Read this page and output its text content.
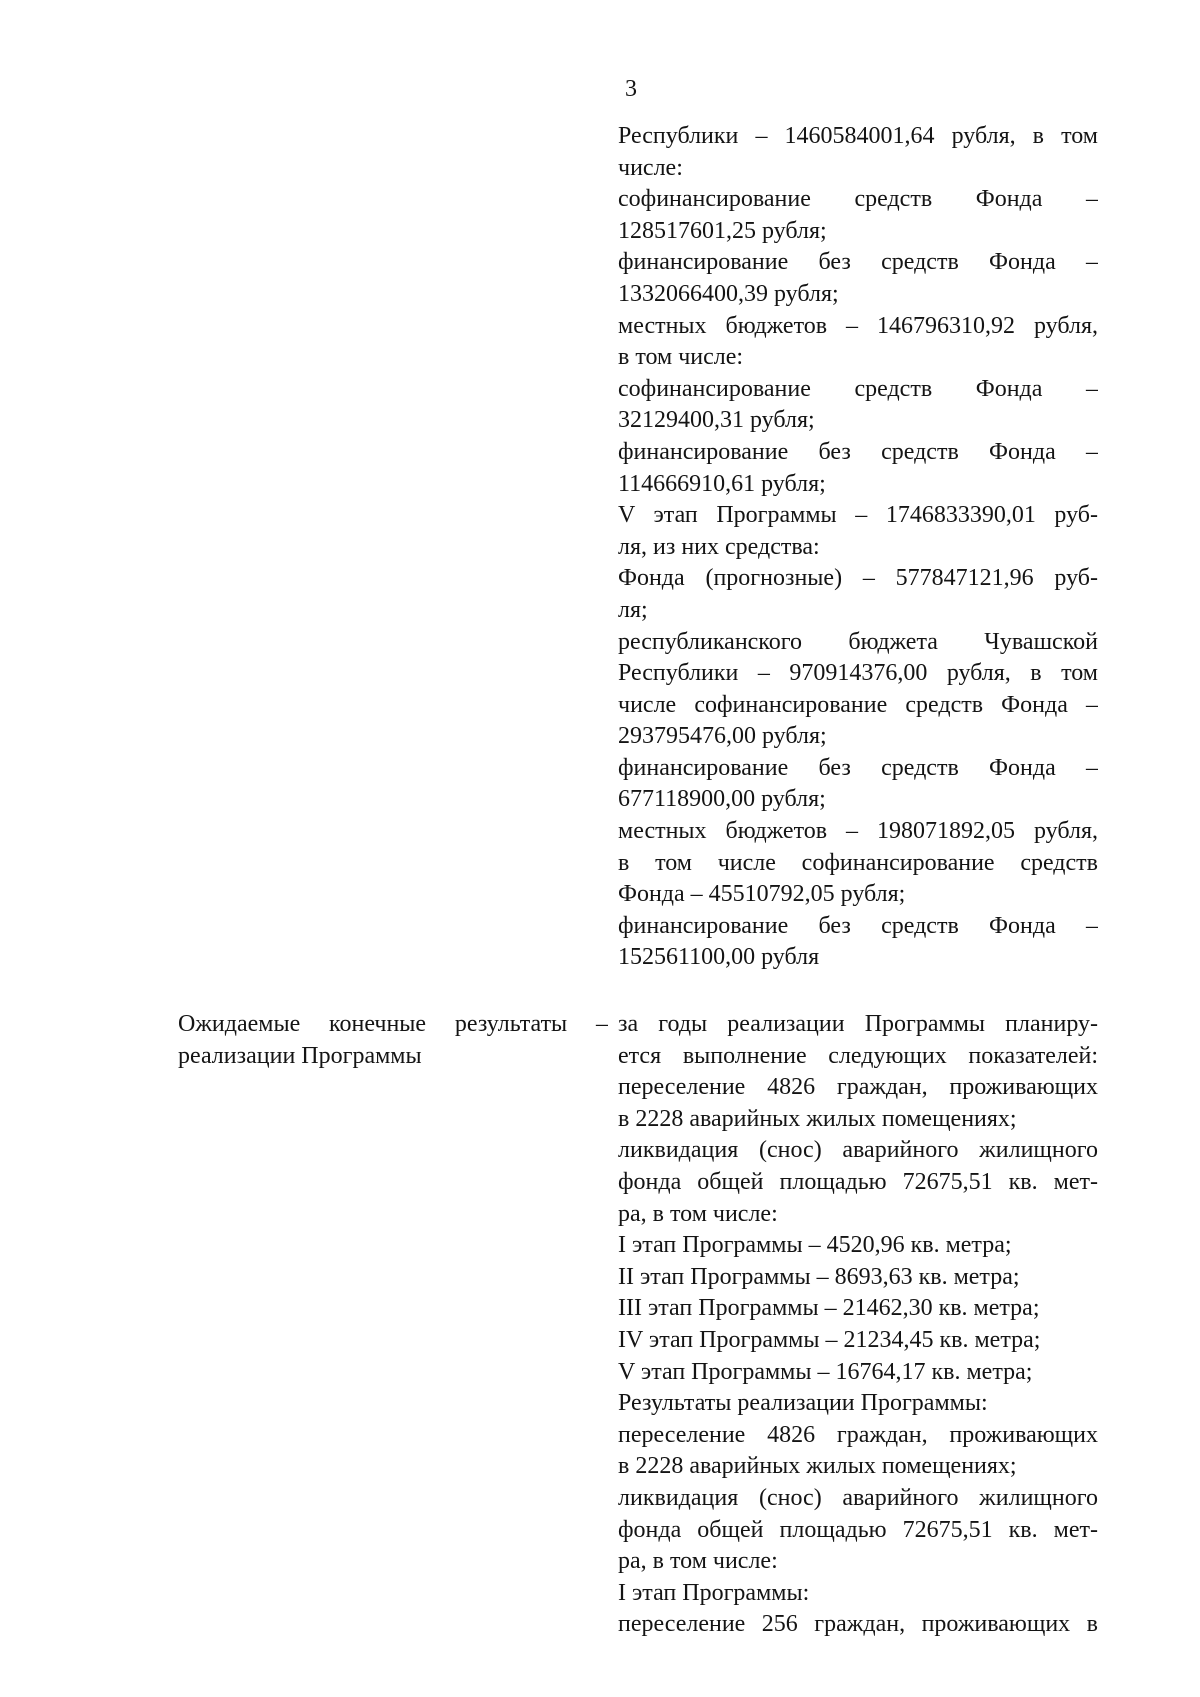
3
Республики – 1460584001,64 рубля, в том
числе:
софинансирование средств Фонда –
128517601,25 рубля;
финансирование без средств Фонда –
1332066400,39 рубля;
местных бюджетов – 146796310,92 рубля,
в том числе:
софинансирование средств Фонда –
32129400,31 рубля;
финансирование без средств Фонда –
114666910,61 рубля;
V этап Программы – 1746833390,01 руб-
ля, из них средства:
Фонда (прогнозные) – 577847121,96 руб-
ля;
республиканского бюджета Чувашской
Республики – 970914376,00 рубля, в том
числе софинансирование средств Фонда –
293795476,00 рубля;
финансирование без средств Фонда –
677118900,00 рубля;
местных бюджетов – 198071892,05 рубля,
в том числе софинансирование средств
Фонда – 45510792,05 рубля;
финансирование без средств Фонда –
152561100,00 рубля
Ожидаемые конечные результаты –
реализации Программы
за годы реализации Программы планиру-
ется выполнение следующих показателей:
переселение 4826 граждан, проживающих
в 2228 аварийных жилых помещениях;
ликвидация (снос) аварийного жилищного
фонда общей площадью 72675,51 кв. мет-
ра, в том числе:
I этап Программы – 4520,96 кв. метра;
II этап Программы – 8693,63 кв. метра;
III этап Программы – 21462,30 кв. метра;
IV этап Программы – 21234,45 кв. метра;
V этап Программы – 16764,17 кв. метра;
Результаты реализации Программы:
переселение 4826 граждан, проживающих
в 2228 аварийных жилых помещениях;
ликвидация (снос) аварийного жилищного
фонда общей площадью 72675,51 кв. мет-
ра, в том числе:
I этап Программы:
переселение 256 граждан, проживающих в
